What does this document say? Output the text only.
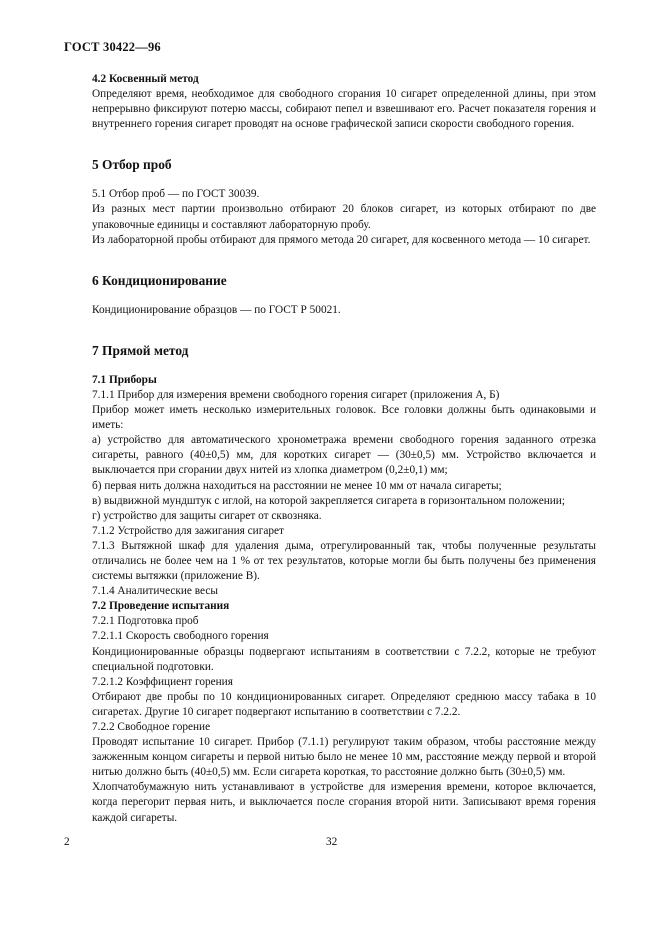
ГОСТ 30422—96

4.2 Косвенный метод

Определяют время, необходимое для свободного сгорания 10 сигарет определенной длины, при этом непрерывно фиксируют потерю массы, собирают пепел и взвешивают его. Расчет показателя горения и внутреннего горения сигарет проводят на основе графической записи скорости свободного горения.

5 Отбор проб

5.1 Отбор проб — по ГОСТ 30039.

Из разных мест партии произвольно отбирают 20 блоков сигарет, из которых отбирают по две упаковочные единицы и составляют лабораторную пробу.

Из лабораторной пробы отбирают для прямого метода 20 сигарет, для косвенного метода — 10 сигарет.

6 Кондиционирование

Кондиционирование образцов — по ГОСТ Р 50021.

7 Прямой метод

7.1 Приборы

7.1.1 Прибор для измерения времени свободного горения сигарет (приложения А, Б)

Прибор может иметь несколько измерительных головок. Все головки должны быть одинаковыми и иметь:

а) устройство для автоматического хронометража времени свободного горения заданного отрезка сигареты, равного (40±0,5) мм, для коротких сигарет — (30±0,5) мм. Устройство включается и выключается при сгорании двух нитей из хлопка диаметром (0,2±0,1) мм;

б) первая нить должна находиться на расстоянии не менее 10 мм от начала сигареты;

в) выдвижной мундштук с иглой, на которой закрепляется сигарета в горизонтальном положении;

г) устройство для защиты сигарет от сквозняка.

7.1.2 Устройство для зажигания сигарет

7.1.3 Вытяжной шкаф для удаления дыма, отрегулированный так, чтобы полученные результаты отличались не более чем на 1 % от тех результатов, которые могли бы быть получены без применения системы вытяжки (приложение В).

7.1.4 Аналитические весы

7.2 Проведение испытания

7.2.1 Подготовка проб

7.2.1.1 Скорость свободного горения

Кондиционированные образцы подвергают испытаниям в соответствии с 7.2.2, которые не требуют специальной подготовки.

7.2.1.2 Коэффициент горения

Отбирают две пробы по 10 кондиционированных сигарет. Определяют среднюю массу табака в 10 сигаретах. Другие 10 сигарет подвергают испытанию в соответствии с 7.2.2.

7.2.2 Свободное горение

Проводят испытание 10 сигарет. Прибор (7.1.1) регулируют таким образом, чтобы расстояние между зажженным концом сигареты и первой нитью было не менее 10 мм, расстояние между первой и второй нитью должно быть (40±0,5) мм. Если сигарета короткая, то расстояние должно быть (30±0,5) мм.

Хлопчатобумажную нить устанавливают в устройстве для измерения времени, которое включается, когда перегорит первая нить, и выключается после сгорания второй нити. Записывают время горения каждой сигареты.

2	32
